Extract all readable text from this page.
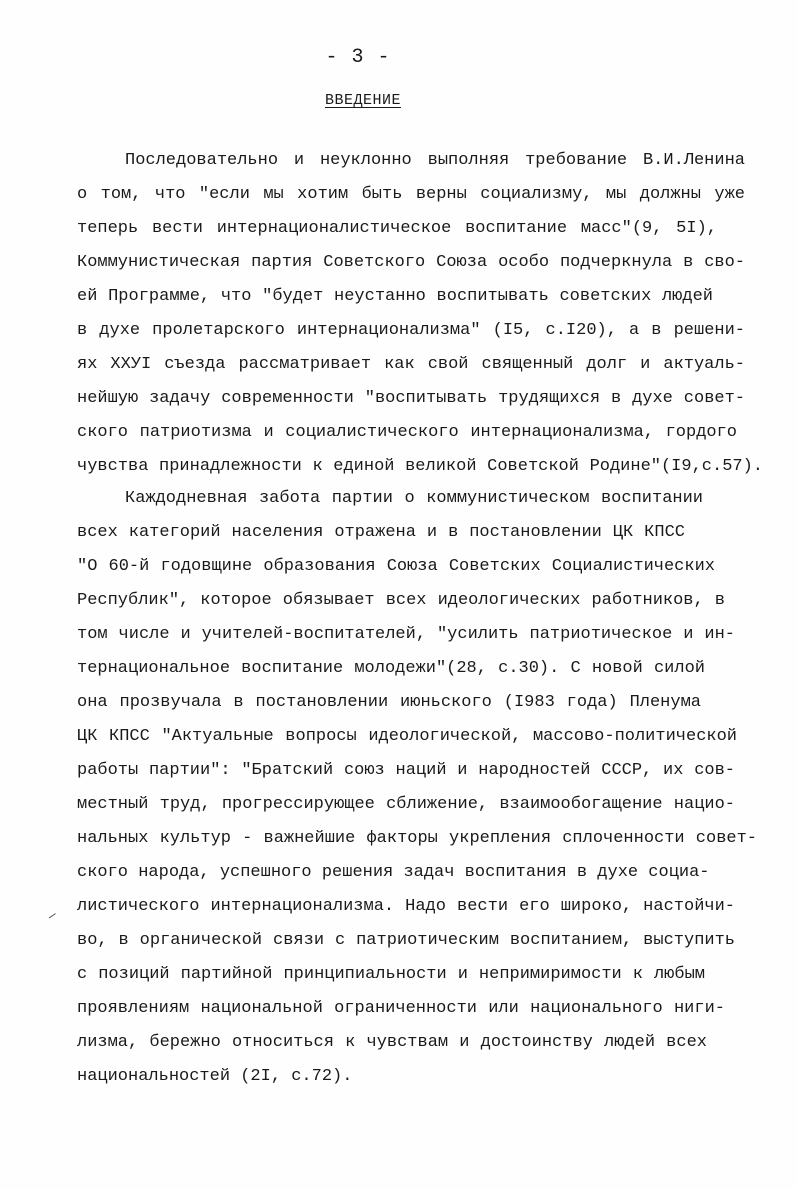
- 3 -
ВВЕДЕНИЕ
Последовательно и неуклонно выполняя требование В.И.Ленина
о том, что "если мы хотим быть верны социализму, мы должны уже
теперь вести интернационалистическое воспитание масс"(9, 5I),
Коммунистическая партия Советского Союза особо подчеркнула в сво-
ей Программе, что "будет неустанно воспитывать советских людей
в духе пролетарского интернационализма" (I5, с.I20), а в решени-
ях XXУI съезда рассматривает как свой священный долг и актуаль-
нейшую задачу современности "воспитывать трудящихся в духе совет-
ского патриотизма и социалистического интернационализма, гордого
чувства принадлежности к единой великой Советской Родине"(I9,с.57).
Каждодневная забота партии о коммунистическом воспитании
всех категорий населения отражена и в постановлении ЦК КПСС
"О 60-й годовщине образования Союза Советских Социалистических
Республик", которое обязывает всех идеологических работников, в
том числе и учителей-воспитателей, "усилить патриотическое и ин-
тернациональное воспитание молодежи"(28, с.30). С новой силой
она прозвучала в постановлении июньского (I983 года) Пленума
ЦК КПСС "Актуальные вопросы идеологической, массово-политической
работы партии": "Братский союз наций и народностей СССР, их сов-
местный труд, прогрессирующее сближение, взаимообогащение нацио-
нальных культур - важнейшие факторы укрепления сплоченности совет-
ского народа, успешного решения задач воспитания в духе социа-
листического интернационализма. Надо вести его широко, настойчи-
во, в органической связи с патриотическим воспитанием, выступить
с позиций партийной принципиальности и непримиримости к любым
проявлениям национальной ограниченности или национального ниги-
лизма, бережно относиться к чувствам и достоинству людей всех
национальностей (2I, с.72).
